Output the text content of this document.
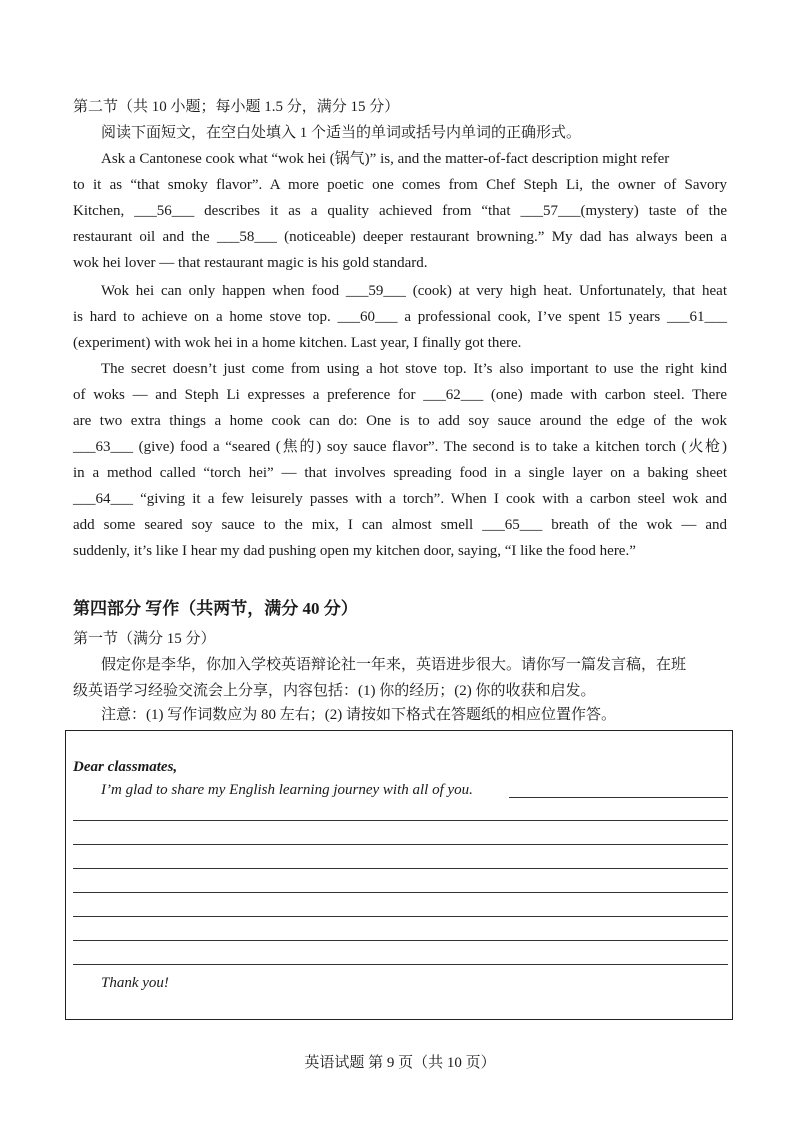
第二节（共 10 小题；每小题 1.5 分，满分 15 分）
阅读下面短文，在空白处填入 1 个适当的单词或括号内单词的正确形式。
Ask a Cantonese cook what “wok hei (锅气)” is, and the matter-of-fact description might refer
to it as “that smoky flavor”. A more poetic one comes from Chef Steph Li, the owner of Savory
Kitchen, ___56___ describes it as a quality achieved from “that ___57___(mystery) taste of the
restaurant oil and the ___58___ (noticeable) deeper restaurant browning.” My dad has always been a
wok hei lover — that restaurant magic is his gold standard.
Wok hei can only happen when food ___59___ (cook) at very high heat. Unfortunately, that heat
is hard to achieve on a home stove top. ___60___ a professional cook, I’ve spent 15 years ___61___
(experiment) with wok hei in a home kitchen. Last year, I finally got there.
The secret doesn’t just come from using a hot stove top. It’s also important to use the right kind
of woks — and Steph Li expresses a preference for ___62___ (one) made with carbon steel. There
are two extra things a home cook can do: One is to add soy sauce around the edge of the wok
___63___ (give) food a “seared (焦的) soy sauce flavor”. The second is to take a kitchen torch (火枪)
in a method called “torch hei” — that involves spreading food in a single layer on a baking sheet
___64___ “giving it a few leisurely passes with a torch”. When I cook with a carbon steel wok and
add some seared soy sauce to the mix, I can almost smell ___65___ breath of the wok — and
suddenly, it’s like I hear my dad pushing open my kitchen door, saying, “I like the food here.”
第四部分 写作（共两节，满分 40 分）
第一节（满分 15 分）
假定你是李华，你加入学校英语辩论社一年来，英语进步很大。请你写一篇发言稿，在班
级英语学习经验交流会上分享，内容包括：(1) 你的经历；(2) 你的收获和启发。
注意：(1) 写作词数应为 80 左右；(2) 请按如下格式在答题纸的相应位置作答。
Dear classmates,
I’m glad to share my English learning journey with all of you.
Thank you!
英语试题 第 9 页（共 10 页）
